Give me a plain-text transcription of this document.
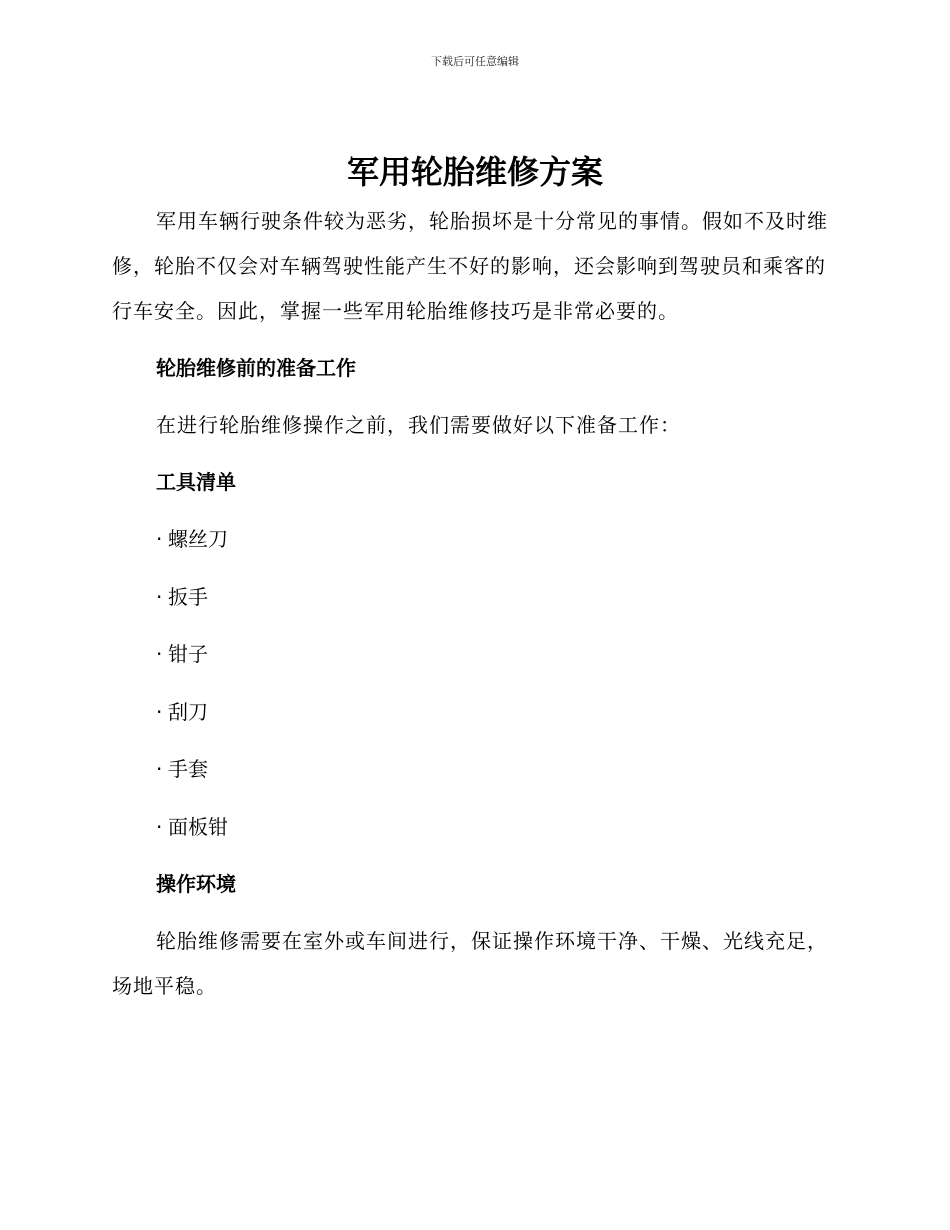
下载后可任意编辑
军用轮胎维修方案

军用车辆行驶条件较为恶劣，轮胎损坏是十分常见的事情。假如不及时维修，轮胎不仅会对车辆驾驶性能产生不好的影响，还会影响到驾驶员和乘客的行车安全。因此，掌握一些军用轮胎维修技巧是非常必要的。

轮胎维修前的准备工作

在进行轮胎维修操作之前，我们需要做好以下准备工作：

工具清单

· 螺丝刀
· 扳手
· 钳子
· 刮刀
· 手套
· 面板钳

操作环境

轮胎维修需要在室外或车间进行，保证操作环境干净、干燥、光线充足，场地平稳。
